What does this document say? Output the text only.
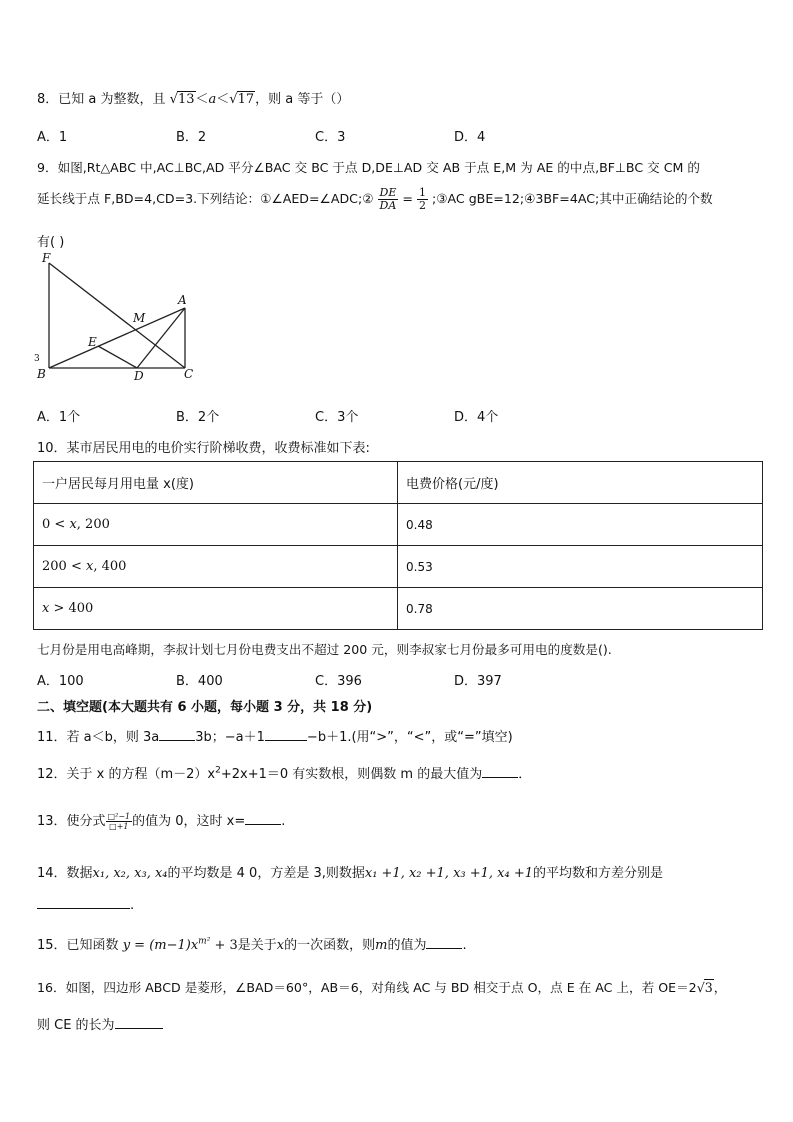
8．已知 a 为整数，且 √13＜a＜√17，则 a 等于（）
A．1	B．2	C．3	D．4
9．如图,Rt△ABC 中,AC⊥BC,AD 平分∠BAC 交 BC 于点 D,DE⊥AD 交 AB 于点 E,M 为 AE 的中点,BF⊥BC 交 CM 的
延长线于点 F,BD=4,CD=3.下列结论：①∠AED=∠ADC;② $\frac{DE}{DA} = \frac{1}{2}$ ;③AC gBE=12;④3BF=4AC;其中正确结论的个数
有( )
F
A
M
E
B	D	C
3
A．1个	B．2个	C．3个	D．4个
10．某市居民用电的电价实行阶梯收费，收费标准如下表:
一户居民每月用电量 x(度)	电费价格(元/度)
0 < x, 200	0.48
200 < x, 400	0.53
x > 400	0.78
七月份是用电高峰期，李叔计划七月份电费支出不超过 200 元，则李叔家七月份最多可用电的度数是().
A．100	B．400	C．396	D．397
二、填空题(本大题共有 6 小题，每小题 3 分，共 18 分)
11．若 a＜b，则 3a	3b；−a＋1	−b＋1.(用“>”，“<”，或“=”填空)
12．关于 x 的方程$(m-2)x^2+2x+1=0$ 有实数根，则偶数 m 的最大值为	．
13．使分式 $\frac{\text{□²−1}}{□+1}$ 的值为 0，这时 x=	.
14．数据x₁, x₂, x₃, x₄的平均数是 4 0，方差是 3,则数据x₁ +1, x₂ +1, x₃ +1, x₄ +1的平均数和方差分别是
.
15．已知函数 $y = (m-1)x^{m^2} + 3$是关于x的一次函数，则m的值为	.
16．如图，四边形 ABCD 是菱形，∠BAD＝60°，AB＝6，对角线 AC 与 BD 相交于点 O，点 E 在 AC 上，若 OE＝2√3，
则 CE 的长为
